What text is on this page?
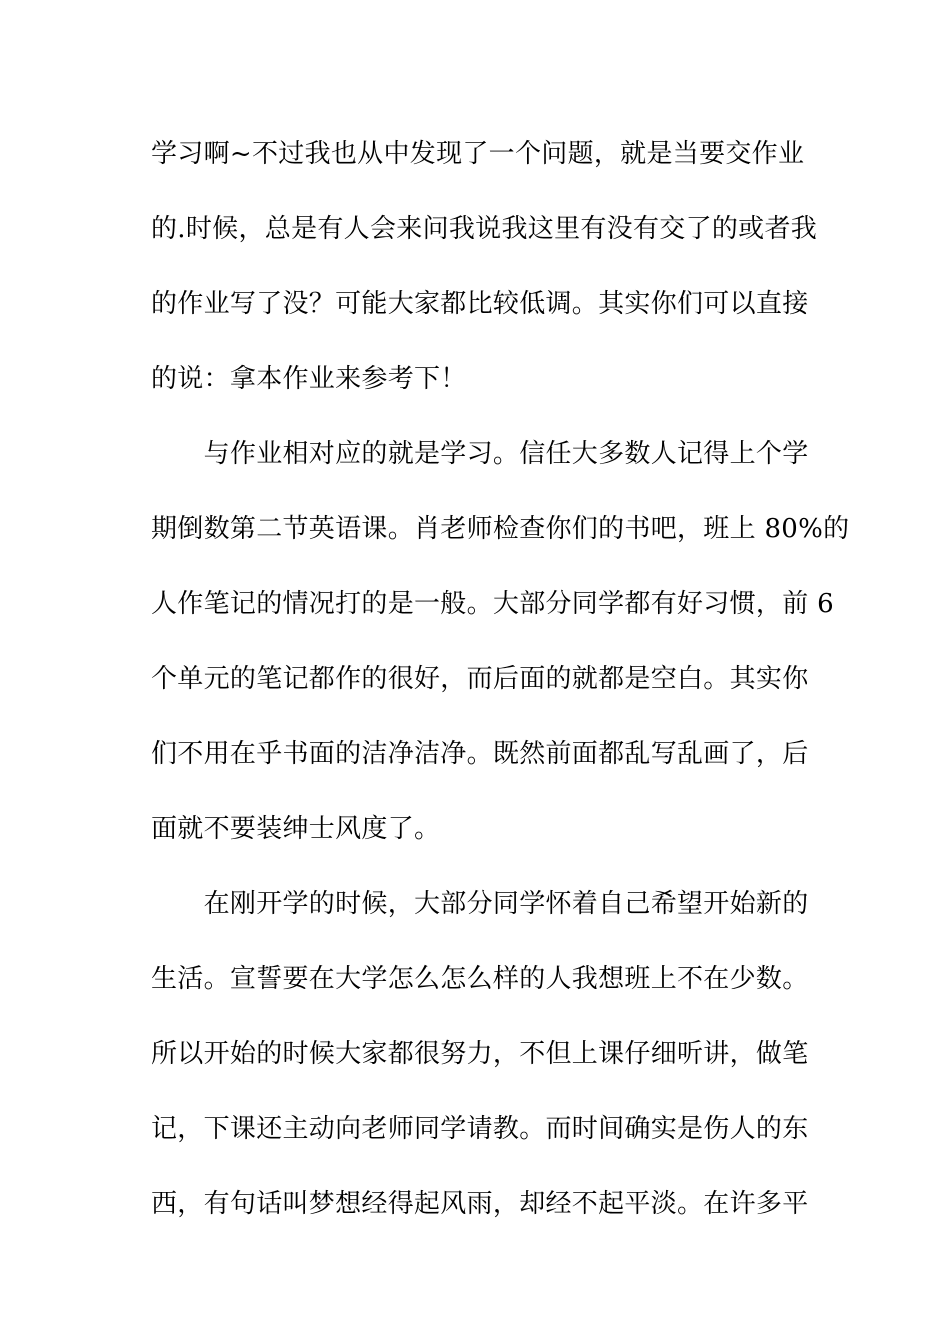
学习啊~不过我也从中发现了一个问题，就是当要交作业
的.时候，总是有人会来问我说我这里有没有交了的或者我
的作业写了没？可能大家都比较低调。其实你们可以直接
的说：拿本作业来参考下！
　　与作业相对应的就是学习。信任大多数人记得上个学
期倒数第二节英语课。肖老师检查你们的书吧，班上 80%的
人作笔记的情况打的是一般。大部分同学都有好习惯，前 6
个单元的笔记都作的很好，而后面的就都是空白。其实你
们不用在乎书面的洁净洁净。既然前面都乱写乱画了，后
面就不要装绅士风度了。
　　在刚开学的时候，大部分同学怀着自己希望开始新的
生活。宣誓要在大学怎么怎么样的人我想班上不在少数。
所以开始的时候大家都很努力，不但上课仔细听讲，做笔
记，下课还主动向老师同学请教。而时间确实是伤人的东
西，有句话叫梦想经得起风雨，却经不起平淡。在许多平
